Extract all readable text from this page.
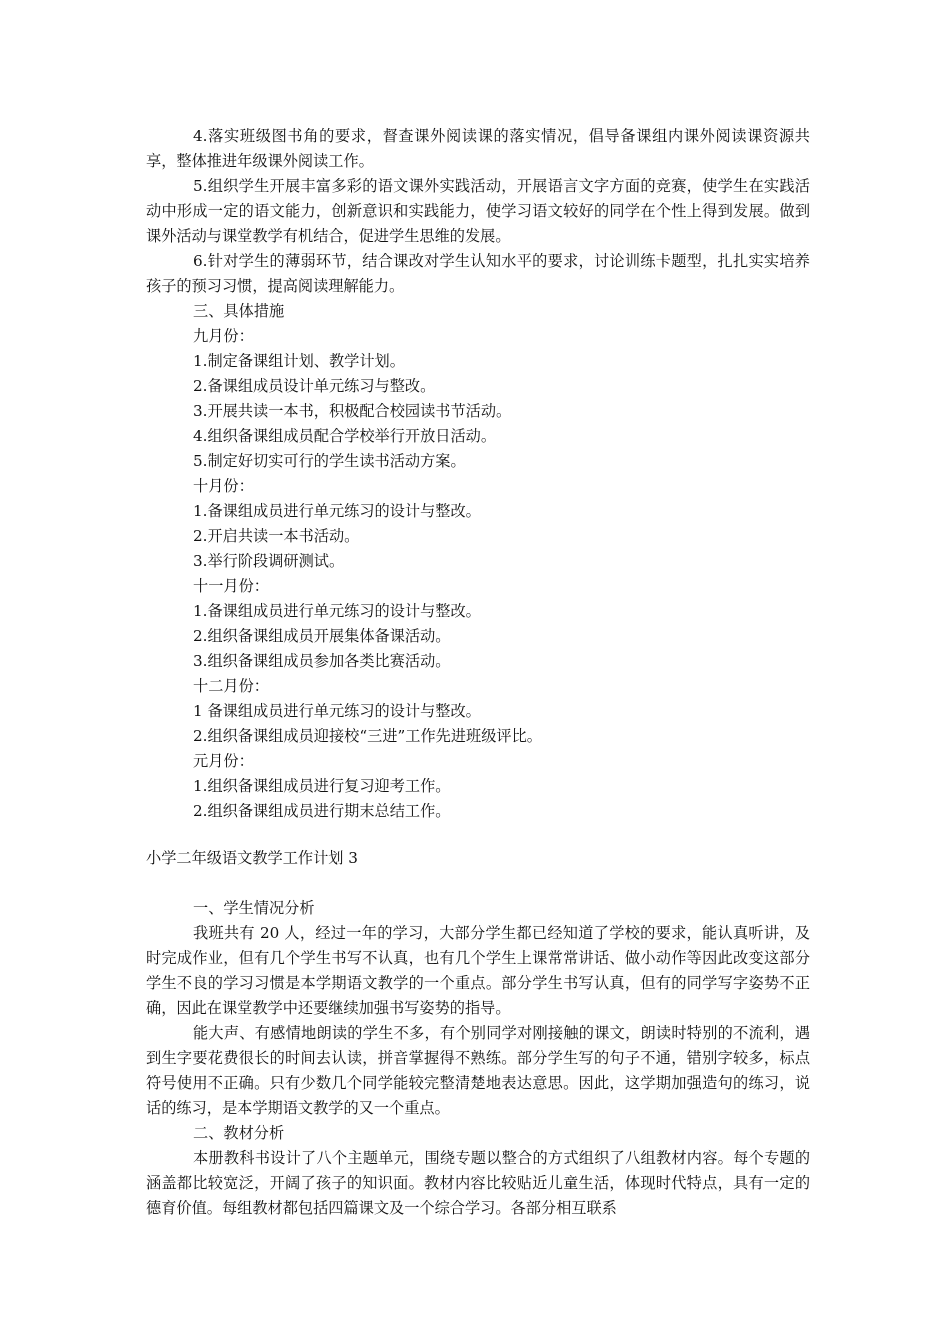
4.落实班级图书角的要求，督查课外阅读课的落实情况，倡导备课组内课外阅读课资源共享，整体推进年级课外阅读工作。

5.组织学生开展丰富多彩的语文课外实践活动，开展语言文字方面的竞赛，使学生在实践活动中形成一定的语文能力，创新意识和实践能力，使学习语文较好的同学在个性上得到发展。做到课外活动与课堂教学有机结合，促进学生思维的发展。

6.针对学生的薄弱环节，结合课改对学生认知水平的要求，讨论训练卡题型，扎扎实实培养孩子的预习习惯，提高阅读理解能力。

三、具体措施

九月份：

1.制定备课组计划、教学计划。

2.备课组成员设计单元练习与整改。

3.开展共读一本书，积极配合校园读书节活动。

4.组织备课组成员配合学校举行开放日活动。

5.制定好切实可行的学生读书活动方案。

十月份：

1.备课组成员进行单元练习的设计与整改。

2.开启共读一本书活动。

3.举行阶段调研测试。

十一月份：

1.备课组成员进行单元练习的设计与整改。

2.组织备课组成员开展集体备课活动。

3.组织备课组成员参加各类比赛活动。

十二月份：

1 备课组成员进行单元练习的设计与整改。

2.组织备课组成员迎接校“三进”工作先进班级评比。

元月份：

1.组织备课组成员进行复习迎考工作。

2.组织备课组成员进行期末总结工作。

小学二年级语文教学工作计划 3

一、学生情况分析

我班共有 20 人，经过一年的学习，大部分学生都已经知道了学校的要求，能认真听讲，及时完成作业，但有几个学生书写不认真，也有几个学生上课常常讲话、做小动作等因此改变这部分学生不良的学习习惯是本学期语文教学的一个重点。部分学生书写认真，但有的同学写字姿势不正确，因此在课堂教学中还要继续加强书写姿势的指导。

能大声、有感情地朗读的学生不多，有个别同学对刚接触的课文，朗读时特别的不流利，遇到生字要花费很长的时间去认读，拼音掌握得不熟练。部分学生写的句子不通，错别字较多，标点符号使用不正确。只有少数几个同学能较完整清楚地表达意思。因此，这学期加强造句的练习，说话的练习，是本学期语文教学的又一个重点。

二、教材分析

本册教科书设计了八个主题单元，围绕专题以整合的方式组织了八组教材内容。每个专题的涵盖都比较宽泛，开阔了孩子的知识面。教材内容比较贴近儿童生活，体现时代特点，具有一定的德育价值。每组教材都包括四篇课文及一个综合学习。各部分相互联系
